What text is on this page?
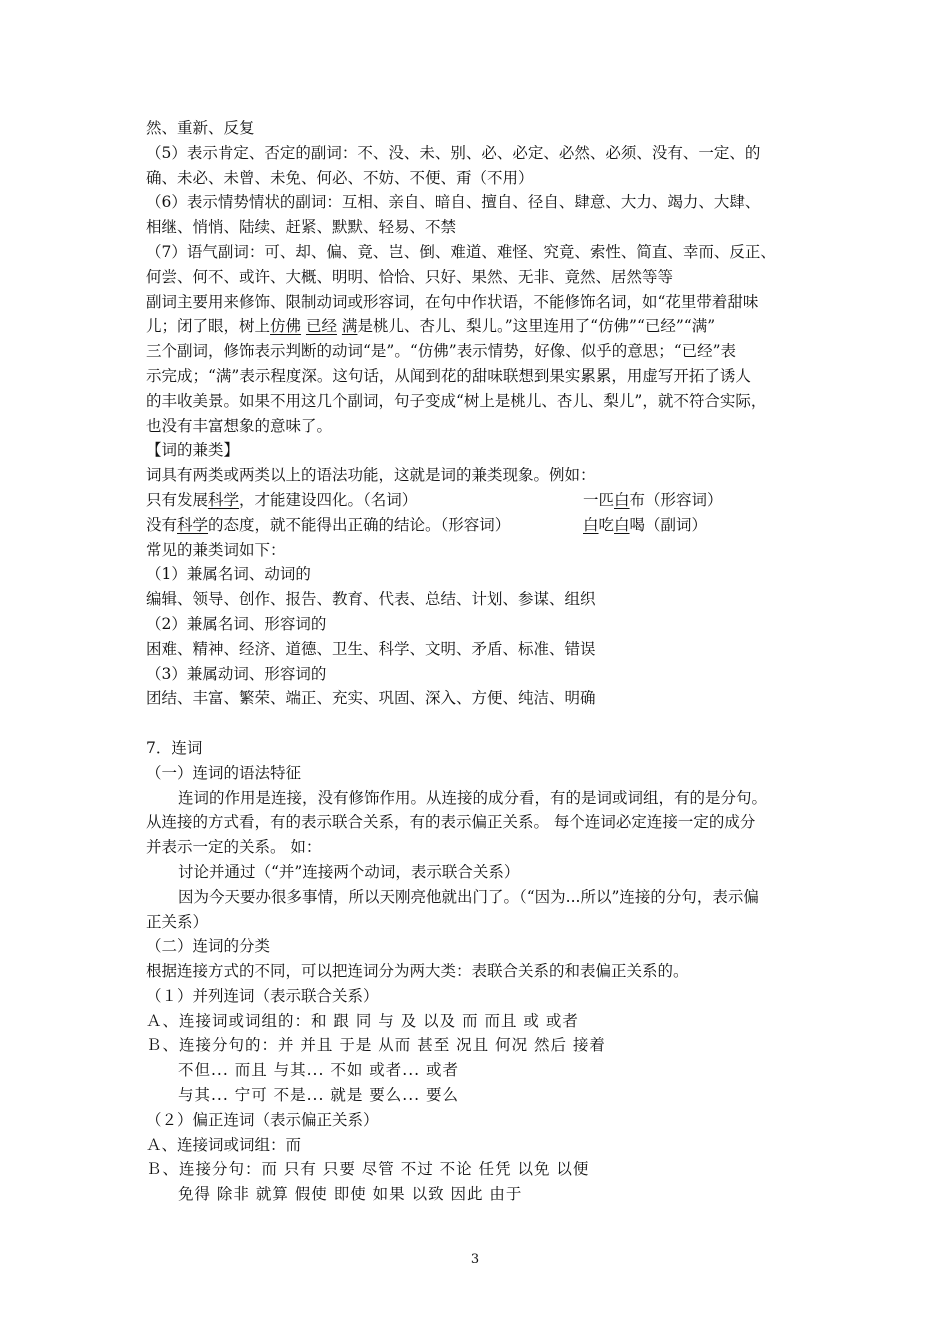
然、重新、反复
（5）表示肯定、否定的副词：不、没、未、别、必、必定、必然、必须、没有、一定、的
确、未必、未曾、未免、何必、不妨、不便、甭（不用）
（6）表示情势情状的副词：互相、亲自、暗自、擅自、径自、肆意、大力、竭力、大肆、
相继、悄悄、陆续、赶紧、默默、轻易、不禁
（7）语气副词：可、却、偏、竟、岂、倒、难道、难怪、究竟、索性、简直、幸而、反正、
何尝、何不、或许、大概、明明、恰恰、只好、果然、无非、竟然、居然等等
副词主要用来修饰、限制动词或形容词，在句中作状语，不能修饰名词，如“花里带着甜味
儿；闭了眼，树上仿佛 已经 满是桃儿、杏儿、梨儿。”这里连用了“仿佛”“已经”“满”
三个副词，修饰表示判断的动词“是”。“仿佛”表示情势，好像、似乎的意思；“已经”表
示完成；“满”表示程度深。这句话，从闻到花的甜味联想到果实累累，用虚写开拓了诱人
的丰收美景。如果不用这几个副词，句子变成“树上是桃儿、杏儿、梨儿”，就不符合实际，
也没有丰富想象的意味了。
【词的兼类】
词具有两类或两类以上的语法功能，这就是词的兼类现象。例如：
只有发展科学，才能建设四化。（名词）	一匹白布（形容词）
没有科学的态度，就不能得出正确的结论。（形容词）	白吃白喝（副词）
常见的兼类词如下：
（1）兼属名词、动词的
编辑、领导、创作、报告、教育、代表、总结、计划、参谋、组织
（2）兼属名词、形容词的
困难、精神、经济、道德、卫生、科学、文明、矛盾、标准、错误
（3）兼属动词、形容词的
团结、丰富、繁荣、端正、充实、巩固、深入、方便、纯洁、明确
7．连词
（一）连词的语法特征
连词的作用是连接，没有修饰作用。从连接的成分看，有的是词或词组，有的是分句。
从连接的方式看，有的表示联合关系，有的表示偏正关系。 每个连词必定连接一定的成分
并表示一定的关系。 如：
讨论并通过（“并”连接两个动词，表示联合关系）
因为今天要办很多事情，所以天刚亮他就出门了。（“因为...所以”连接的分句，表示偏
正关系）
（二）连词的分类
根据连接方式的不同，可以把连词分为两大类：表联合关系的和表偏正关系的。
（１）并列连词（表示联合关系）
Ａ、连接词或词组的：和 跟 同 与 及 以及 而 而且 或 或者
Ｂ、连接分句的：并 并且 于是 从而 甚至 况且 何况 然后 接着
不但... 而且 与其... 不如 或者... 或者
与其... 宁可 不是... 就是 要么... 要么
（２）偏正连词（表示偏正关系）
Ａ、连接词或词组：而
Ｂ、连接分句：而 只有 只要 尽管 不过 不论 任凭 以免 以便
免得 除非 就算 假使 即使 如果 以致 因此 由于
3
